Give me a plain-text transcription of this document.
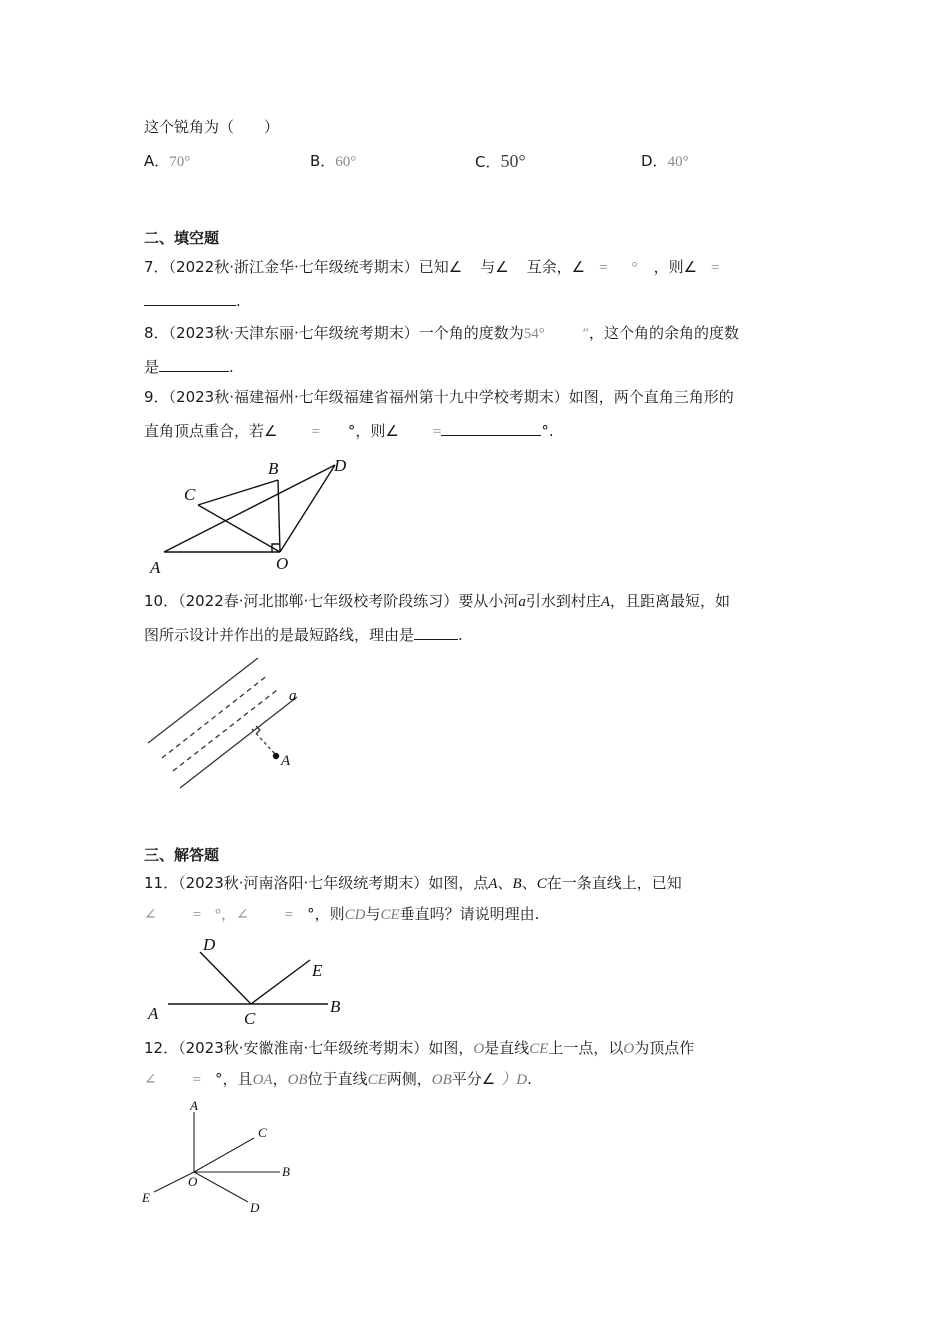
这个锐角为（　　）
A．70°	B．60°	C．50°	D．40°
二、填空题
7．（2022秋·浙江金华·七年级统考期末）已知∠ 与∠ 互余，∠ = ° ，则∠ =
.
8．（2023秋·天津东丽·七年级统考期末）一个角的度数为54°	″，这个角的余角的度数
是	.
9．（2023秋·福建福州·七年级福建省福州第十九中学校考期末）如图，两个直角三角形的
直角顶点重合，若∠ = °，则∠ =	°.
B	D
C
A	O
10．（2022春·河北邯郸·七年级校考阶段练习）要从小河a引水到村庄A，且距离最短，如
图所示设计并作出的是最短路线，理由是	.
a
A
三、解答题
11．（2023秋·河南洛阳·七年级统考期末）如图，点A、B、C在一条直线上，已知
∠ = °，∠ = °，则CD与CE垂直吗？请说明理由.
D
E
A	C
B
12．（2023秋·安徽淮南·七年级统考期末）如图，O是直线CE上一点，以O为顶点作
∠ = °，且OA，OB位于直线CE两侧，OB平分∠ ）D.
A
C
B
O
E
D
